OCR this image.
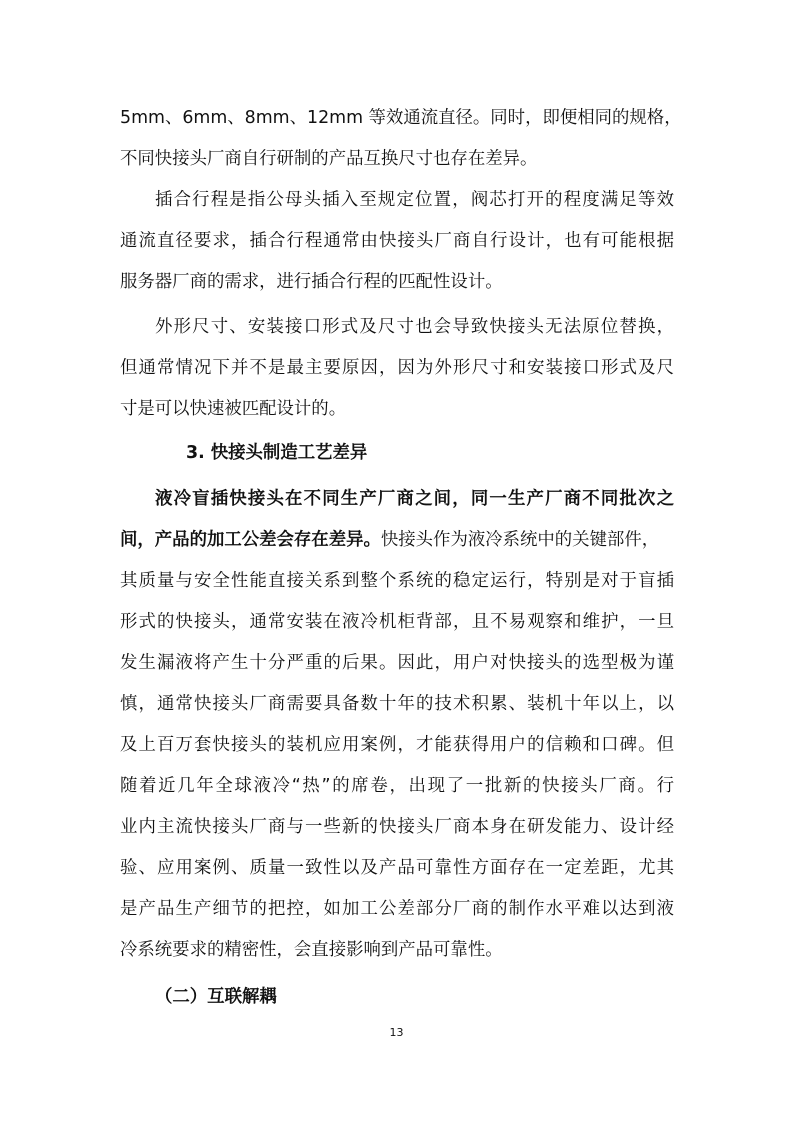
5mm、6mm、8mm、12mm 等效通流直径。同时，即便相同的规格，
不同快接头厂商自行研制的产品互换尺寸也存在差异。
插合行程是指公母头插入至规定位置，阀芯打开的程度满足等效
通流直径要求，插合行程通常由快接头厂商自行设计，也有可能根据
服务器厂商的需求，进行插合行程的匹配性设计。
外形尺寸、安装接口形式及尺寸也会导致快接头无法原位替换，
但通常情况下并不是最主要原因，因为外形尺寸和安装接口形式及尺
寸是可以快速被匹配设计的。
3. 快接头制造工艺差异
液冷盲插快接头在不同生产厂商之间，同一生产厂商不同批次之
间，产品的加工公差会存在差异。快接头作为液冷系统中的关键部件，
其质量与安全性能直接关系到整个系统的稳定运行，特别是对于盲插
形式的快接头，通常安装在液冷机柜背部，且不易观察和维护，一旦
发生漏液将产生十分严重的后果。因此，用户对快接头的选型极为谨
慎，通常快接头厂商需要具备数十年的技术积累、装机十年以上，以
及上百万套快接头的装机应用案例，才能获得用户的信赖和口碑。但
随着近几年全球液冷“热”的席卷，出现了一批新的快接头厂商。行
业内主流快接头厂商与一些新的快接头厂商本身在研发能力、设计经
验、应用案例、质量一致性以及产品可靠性方面存在一定差距，尤其
是产品生产细节的把控，如加工公差部分厂商的制作水平难以达到液
冷系统要求的精密性，会直接影响到产品可靠性。
（二）互联解耦
13
